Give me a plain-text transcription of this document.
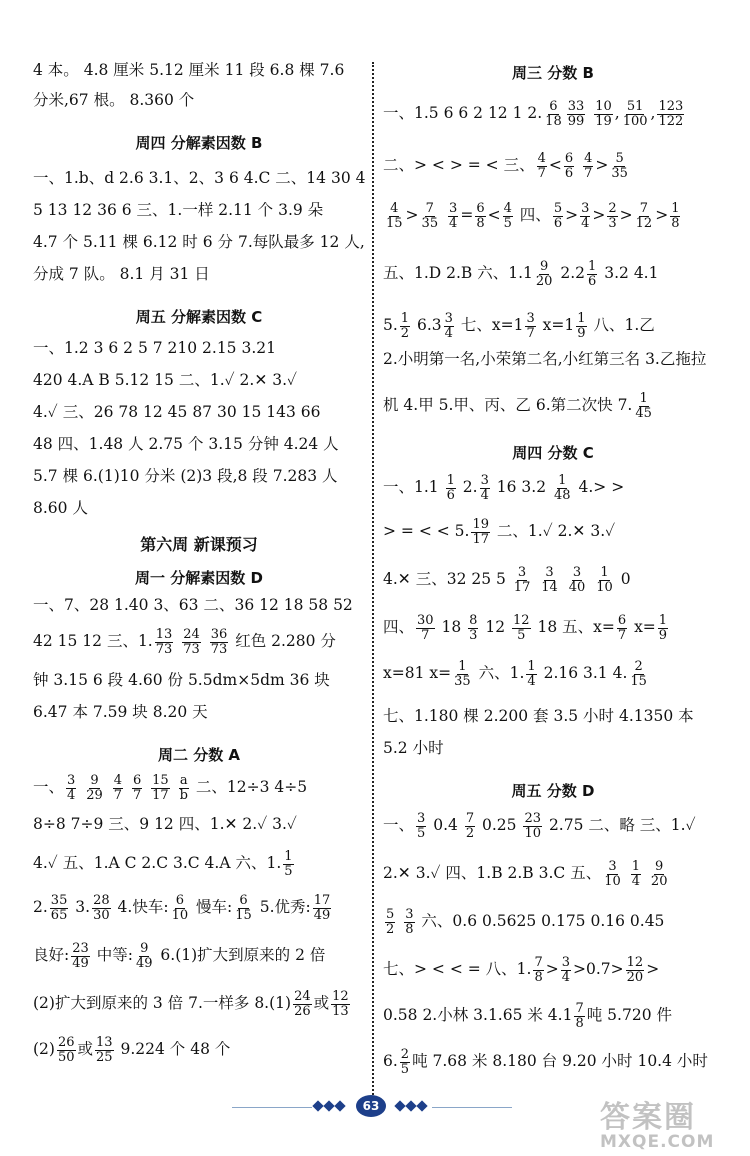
4 本。 4.8 厘米 5.12 厘米 11 段 6.8 棵 7.6
分米,67 根。 8.360 个
周四 分解素因数 B
一、1.b、d 2.6 3.1、2、3 6 4.C 二、14 30 4
5 13 12 36 6 三、1.一样 2.11 个 3.9 朵
4.7 个 5.11 棵 6.12 时 6 分 7.每队最多 12 人,
分成 7 队。 8.1 月 31 日
周五 分解素因数 C
一、1.2 3 6 2 5 7 210 2.15 3.21
420 4.A B 5.12 15 二、1.✓ 2.✕ 3.✓
4.✓ 三、26 78 12 45 87 30 15 143 66
48 四、1.48 人 2.75 个 3.15 分钟 4.24 人
5.7 棵 6.(1)10 分米 (2)3 段,8 段 7.283 人
8.60 人
第六周 新课预习
周一 分解素因数 D
一、7、28 1.40 3、63 二、36 12 18 58 52
42 15 12 三、1. $\frac{13}{73}$
$\frac{24}{73}$
$\frac{36}{73}$ 红色 2.280 分
钟 3.15 6 段 4.60 份 5.5dm×5dm 36 块
6.47 本 7.59 块 8.20 天
周二 分数 A
一、 $\frac{3}{4}$
$\frac{9}{29}$
$\frac{4}{7}$
$\frac{6}{7}$
$\frac{15}{17}$
$\frac{a}{b}$ 二、12÷3 4÷5
8÷8 7÷9 三、9 12 四、1.✕ 2.✓ 3.✓
4.✓ 五、1.A C 2.C 3.C 4.A 六、1. $\frac{1}{5}$
2. $\frac{35}{65} 3$. $\frac{28}{30} 4$.快车: $\frac{6}{10}$ 慢车: $\frac{6}{15} 5$.优秀: $\frac{17}{49}$
良好: $\frac{23}{49}$ 中等: $\frac{9}{49} 6.(1)$扩大到原来的 2 倍
(2)扩大到原来的 3 倍 7.一样多 $8.(1) \frac{24}{26}$ 或 $\frac{12}{13}$
$(2) \frac{26}{50}$ 或 $\frac{13}{25} 9.224$ 个 48 个
周三 分数 B
一、1.5 6 6 2 12 1 2. $\frac{6}{18} \frac{33}{99}$
$\frac{10}{19}$ , $\frac{51}{100}$ , $\frac{123}{122}$
二、> < > = < 三、 $\frac{4}{7} < \frac{6}{6}$
$\frac{4}{7} > \frac{5}{35}$
$\frac{4}{15} > \frac{7}{35}$
$\frac{3}{4} = \frac{6}{8} < \frac{4}{5}$ 四、 $\frac{5}{6} > \frac{3}{4} > \frac{2}{3} > \frac{7}{12} > \frac{1}{8}$
五、1.D 2.B 六、$1.1 \frac{9}{20} 2.2 \frac{1}{6} 3.2$ 4.1
5. $\frac{1}{2} 6.3 \frac{3}{4}$ 七、$x=1 \frac{3}{7} x=1 \frac{1}{9}$ 八、1.乙
2.小明第一名,小荣第二名,小红第三名 3.乙拖拉
机 4.甲 5.甲、丙、乙 6.第二次快 7. $\frac{1}{45}$
周四 分数 C
一、$1.1 \frac{1}{6} 2$. $\frac{3}{4} 16$ $3.2 \frac{1}{48} 4.>$ >
> = < < 5. $\frac{19}{17}$ 二、1.✓ 2.✕ 3.✓
4.✕ 三、32 25 $5 \frac{3}{17}$
$\frac{3}{14}$
$\frac{3}{40}$
$\frac{1}{10} 0$
四、 $\frac{30}{7} 18 \frac{8}{3} 12 \frac{12}{5} 18$ 五、$x= \frac{6}{7} x= \frac{1}{9}$
x=81 $x= \frac{1}{35}$ 六、1. $\frac{1}{4} 2.16$ 3.1 4. $\frac{2}{15}$
七、1.180 棵 2.200 套 3.5 小时 4.1350 本
5.2 小时
周五 分数 D
一、 $\frac{3}{5} 0.4 \frac{7}{2} 0.25 \frac{23}{10} 2.75$ 二、略 三、1.✓
2.✕ 3.✓ 四、1.B 2.B 3.C 五、 $\frac{3}{10}$
$\frac{1}{4}$
$\frac{9}{20}$
$\frac{5}{2}$
$\frac{3}{8}$ 六、0.6 0.5625 0.175 0.16 0.45
七、> < < = 八、1. $\frac{7}{8} > \frac{3}{4} >0.7> \frac{12}{20}$ >
0.58 2.小林 3.1.65 米 $4.1 \frac{7}{8}$ 吨 5.720 件
6. $\frac{2}{5}$ 吨 7.68 米 8.180 台 9.20 小时 10.4 小时
63	答案圈
MXQE.COM
